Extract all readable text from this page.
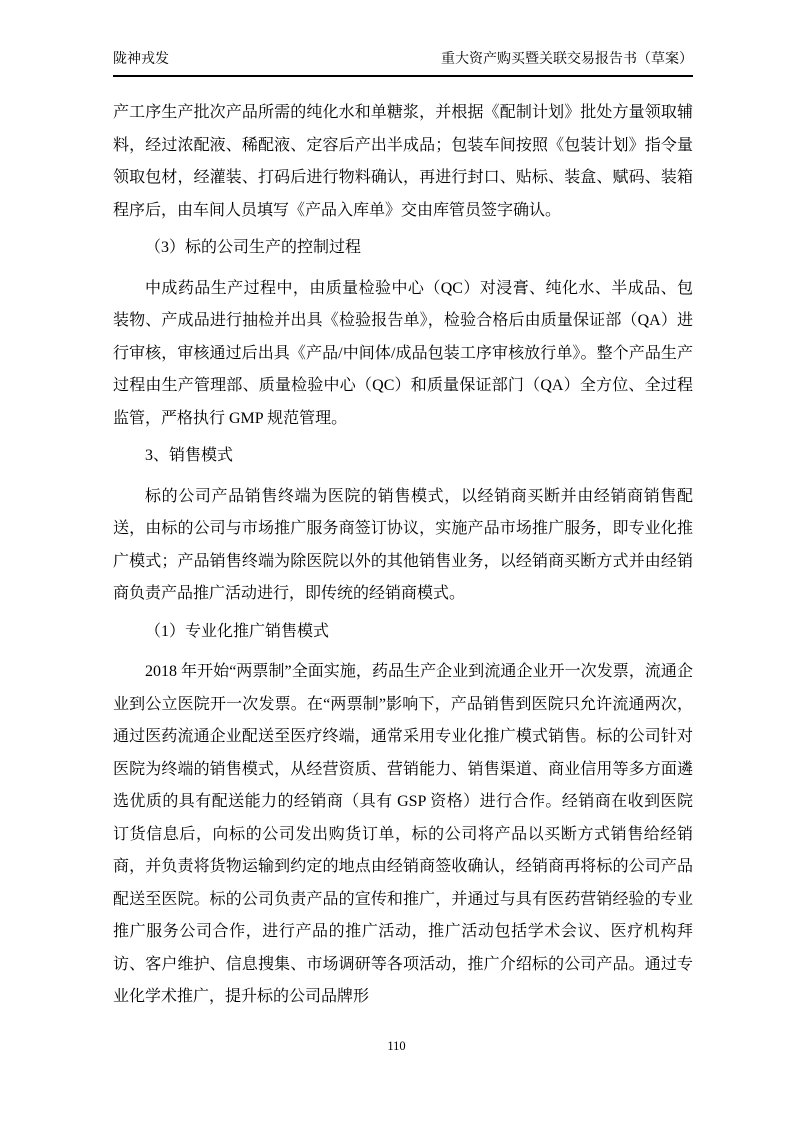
陇神戎发	重大资产购买暨关联交易报告书（草案）

产工序生产批次产品所需的纯化水和单糖浆，并根据《配制计划》批处方量领取辅料，经过浓配液、稀配液、定容后产出半成品；包装车间按照《包装计划》指令量领取包材，经灌装、打码后进行物料确认，再进行封口、贴标、装盒、赋码、装箱程序后，由车间人员填写《产品入库单》交由库管员签字确认。

（3）标的公司生产的控制过程

中成药品生产过程中，由质量检验中心（QC）对浸膏、纯化水、半成品、包装物、产成品进行抽检并出具《检验报告单》，检验合格后由质量保证部（QA）进行审核，审核通过后出具《产品/中间体/成品包装工序审核放行单》。整个产品生产过程由生产管理部、质量检验中心（QC）和质量保证部门（QA）全方位、全过程监管，严格执行 GMP 规范管理。

3、销售模式

标的公司产品销售终端为医院的销售模式，以经销商买断并由经销商销售配送，由标的公司与市场推广服务商签订协议，实施产品市场推广服务，即专业化推广模式；产品销售终端为除医院以外的其他销售业务，以经销商买断方式并由经销商负责产品推广活动进行，即传统的经销商模式。

（1）专业化推广销售模式

2018 年开始“两票制”全面实施，药品生产企业到流通企业开一次发票，流通企业到公立医院开一次发票。在“两票制”影响下，产品销售到医院只允许流通两次，通过医药流通企业配送至医疗终端，通常采用专业化推广模式销售。标的公司针对医院为终端的销售模式，从经营资质、营销能力、销售渠道、商业信用等多方面遴选优质的具有配送能力的经销商（具有 GSP 资格）进行合作。经销商在收到医院订货信息后，向标的公司发出购货订单，标的公司将产品以买断方式销售给经销商，并负责将货物运输到约定的地点由经销商签收确认，经销商再将标的公司产品配送至医院。标的公司负责产品的宣传和推广，并通过与具有医药营销经验的专业推广服务公司合作，进行产品的推广活动，推广活动包括学术会议、医疗机构拜访、客户维护、信息搜集、市场调研等各项活动，推广介绍标的公司产品。通过专业化学术推广，提升标的公司品牌形

110
